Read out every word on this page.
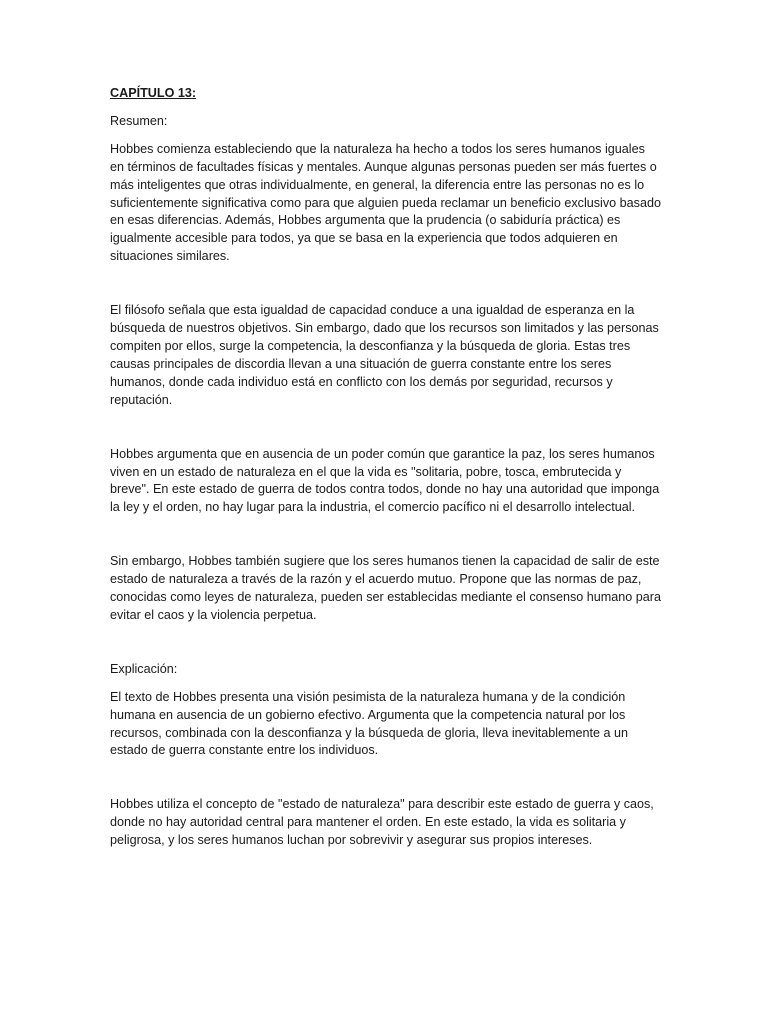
CAPÍTULO 13:

Resumen:

Hobbes comienza estableciendo que la naturaleza ha hecho a todos los seres humanos iguales en términos de facultades físicas y mentales. Aunque algunas personas pueden ser más fuertes o más inteligentes que otras individualmente, en general, la diferencia entre las personas no es lo suficientemente significativa como para que alguien pueda reclamar un beneficio exclusivo basado en esas diferencias. Además, Hobbes argumenta que la prudencia (o sabiduría práctica) es igualmente accesible para todos, ya que se basa en la experiencia que todos adquieren en situaciones similares.

El filósofo señala que esta igualdad de capacidad conduce a una igualdad de esperanza en la búsqueda de nuestros objetivos. Sin embargo, dado que los recursos son limitados y las personas compiten por ellos, surge la competencia, la desconfianza y la búsqueda de gloria. Estas tres causas principales de discordia llevan a una situación de guerra constante entre los seres humanos, donde cada individuo está en conflicto con los demás por seguridad, recursos y reputación.

Hobbes argumenta que en ausencia de un poder común que garantice la paz, los seres humanos viven en un estado de naturaleza en el que la vida es "solitaria, pobre, tosca, embrutecida y breve". En este estado de guerra de todos contra todos, donde no hay una autoridad que imponga la ley y el orden, no hay lugar para la industria, el comercio pacífico ni el desarrollo intelectual.

Sin embargo, Hobbes también sugiere que los seres humanos tienen la capacidad de salir de este estado de naturaleza a través de la razón y el acuerdo mutuo. Propone que las normas de paz, conocidas como leyes de naturaleza, pueden ser establecidas mediante el consenso humano para evitar el caos y la violencia perpetua.

Explicación:

El texto de Hobbes presenta una visión pesimista de la naturaleza humana y de la condición humana en ausencia de un gobierno efectivo. Argumenta que la competencia natural por los recursos, combinada con la desconfianza y la búsqueda de gloria, lleva inevitablemente a un estado de guerra constante entre los individuos.

Hobbes utiliza el concepto de "estado de naturaleza" para describir este estado de guerra y caos, donde no hay autoridad central para mantener el orden. En este estado, la vida es solitaria y peligrosa, y los seres humanos luchan por sobrevivir y asegurar sus propios intereses.
